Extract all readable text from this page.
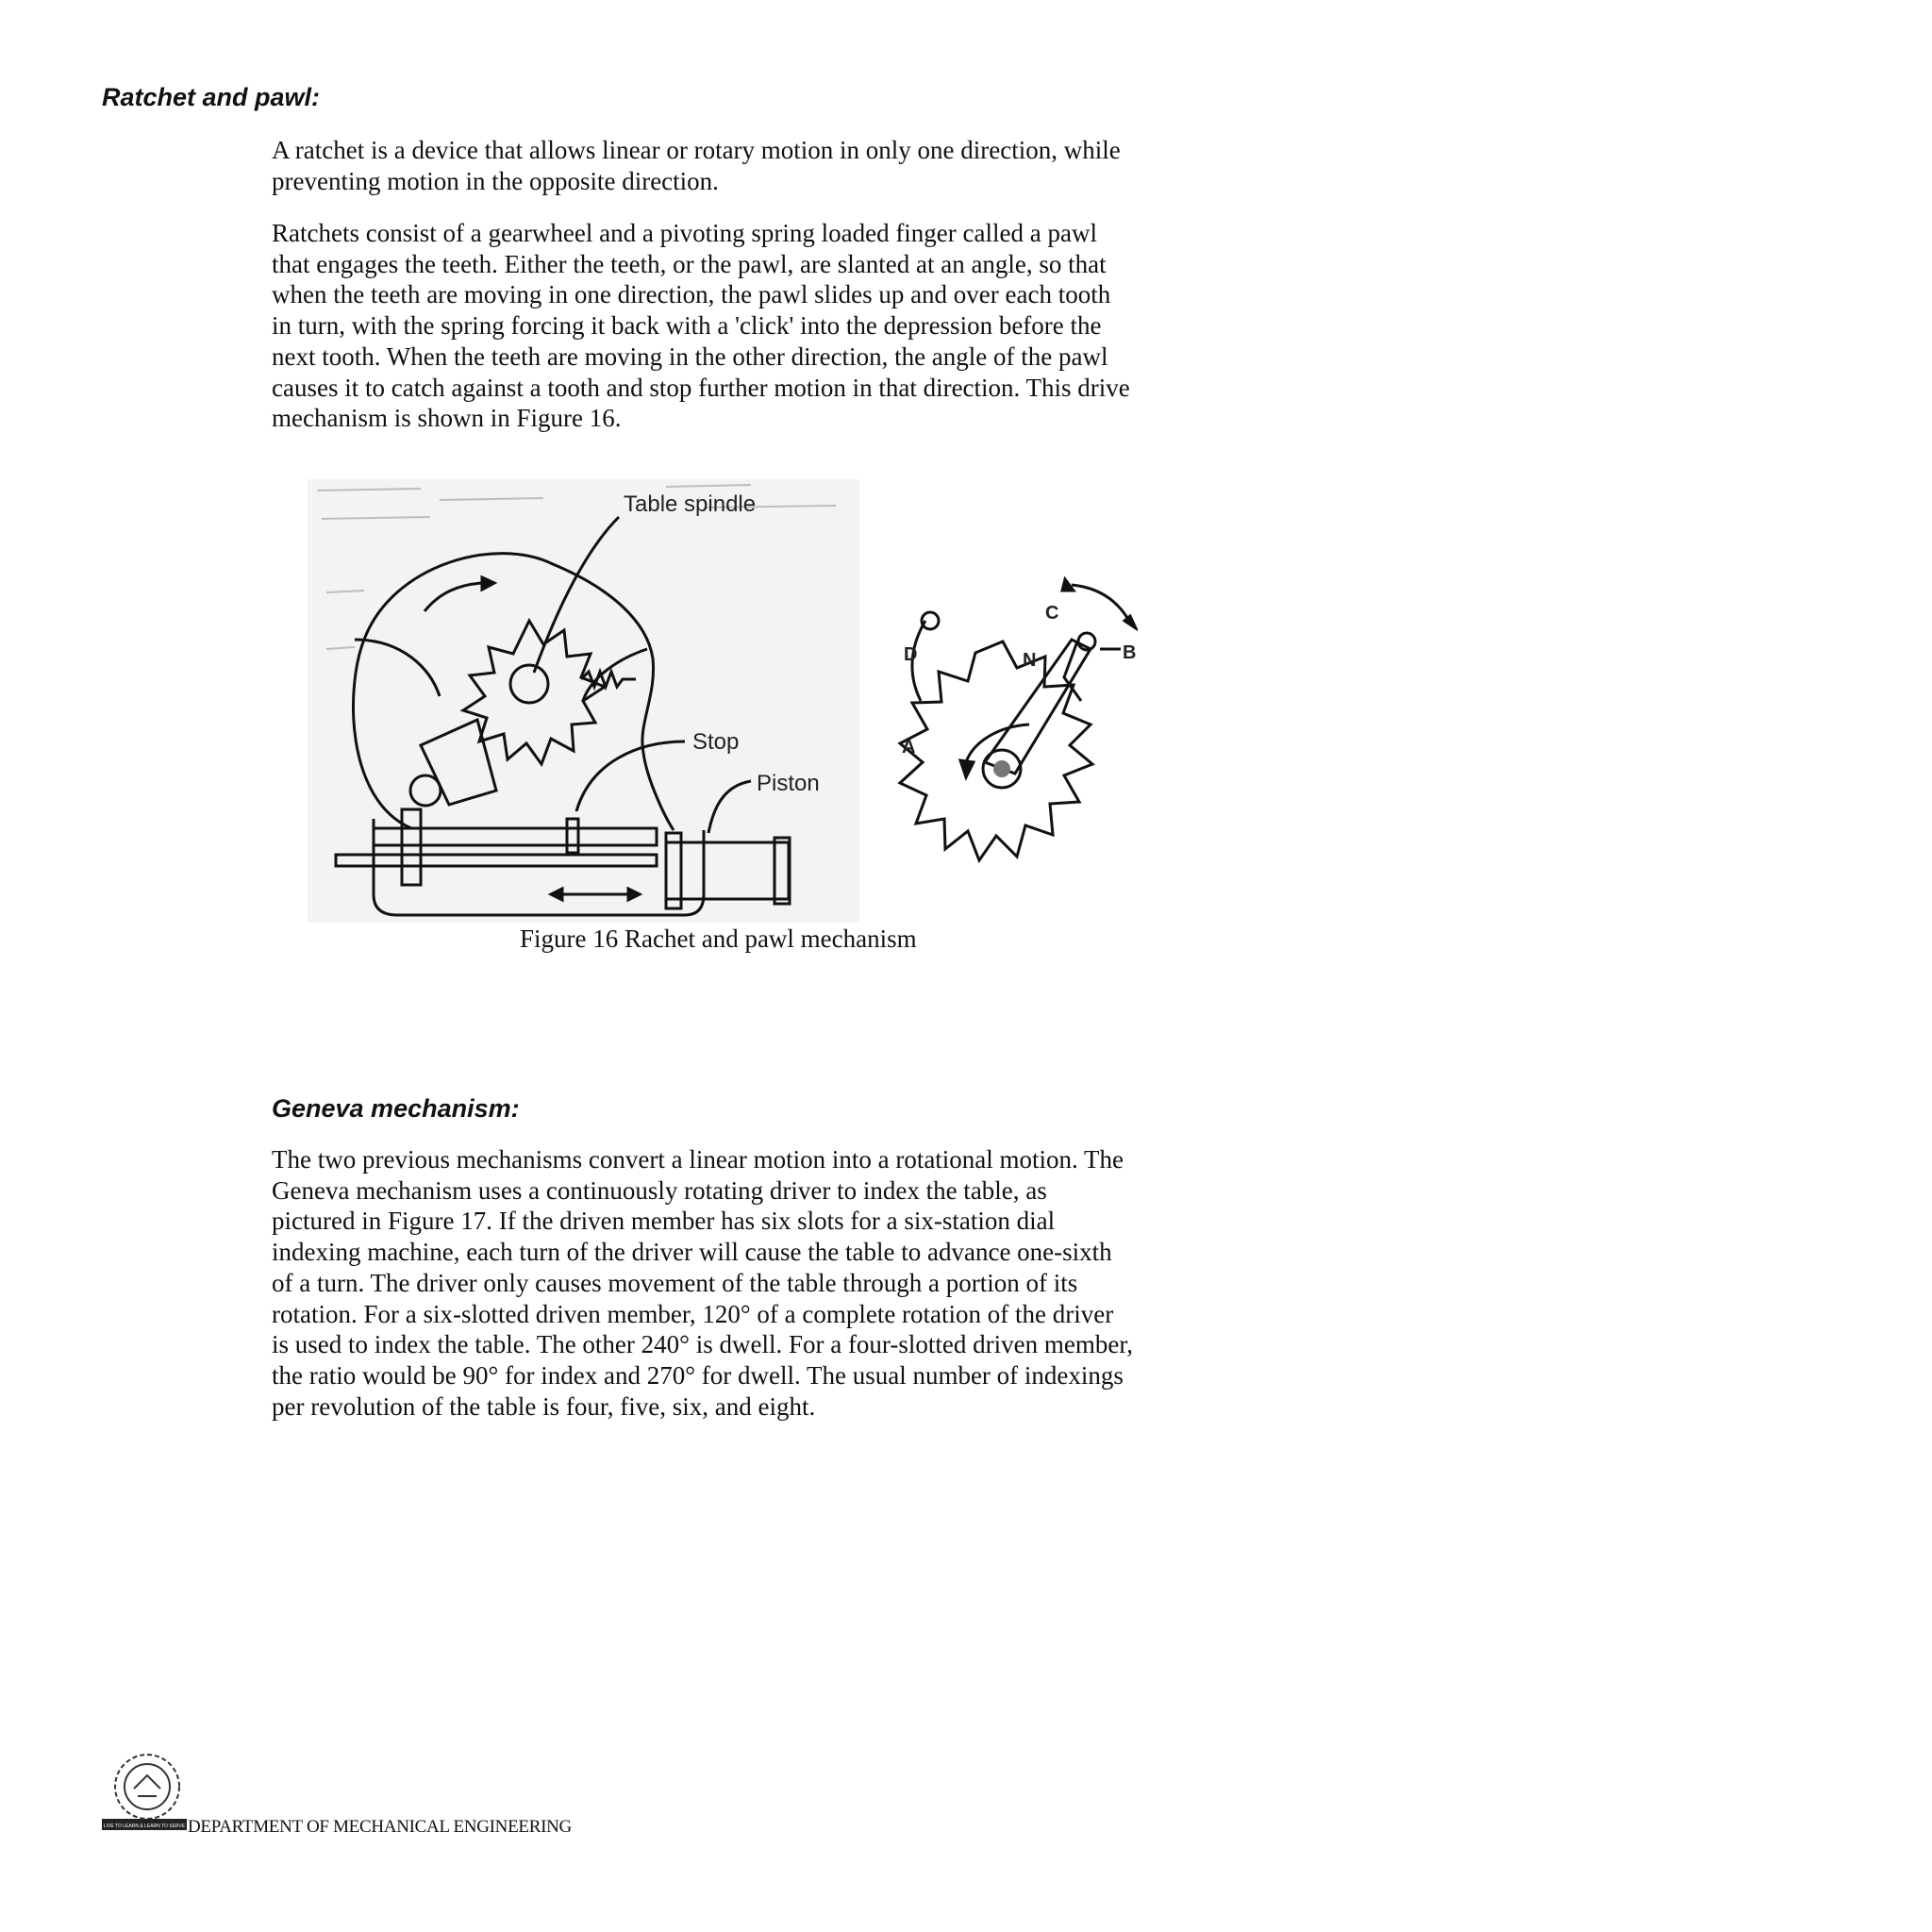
Ratchet and pawl:

A ratchet is a device that allows linear or rotary motion in only one direction, while
preventing motion in the opposite direction.

Ratchets consist of a gearwheel and a pivoting spring loaded finger called a pawl
that engages the teeth. Either the teeth, or the pawl, are slanted at an angle, so that
when the teeth are moving in one direction, the pawl slides up and over each tooth
in turn, with the spring forcing it back with a 'click' into the depression before the
next tooth. When the teeth are moving in the other direction, the angle of the pawl
causes it to catch against a tooth and stop further motion in that direction. This drive
mechanism is shown in Figure 16.

Table spindle
Stop
Piston
A
B
C
D	N

Figure 16 Rachet and pawl mechanism

Geneva mechanism:

The two previous mechanisms convert a linear motion into a rotational motion. The
Geneva mechanism uses a continuously rotating driver to index the table, as
pictured in Figure 17. If the driven member has six slots for a six-station dial
indexing machine, each turn of the driver will cause the table to advance one-sixth
of a turn. The driver only causes movement of the table through a portion of its
rotation. For a six-slotted driven member, 120° of a complete rotation of the driver
is used to index the table. The other 240° is dwell. For a four-slotted driven member,
the ratio would be 90° for index and 270° for dwell. The usual number of indexings
per revolution of the table is four, five, six, and eight.

LIVE TO LEARN & LEARN TO SERVE DEPARTMENT OF MECHANICAL ENGINEERING
